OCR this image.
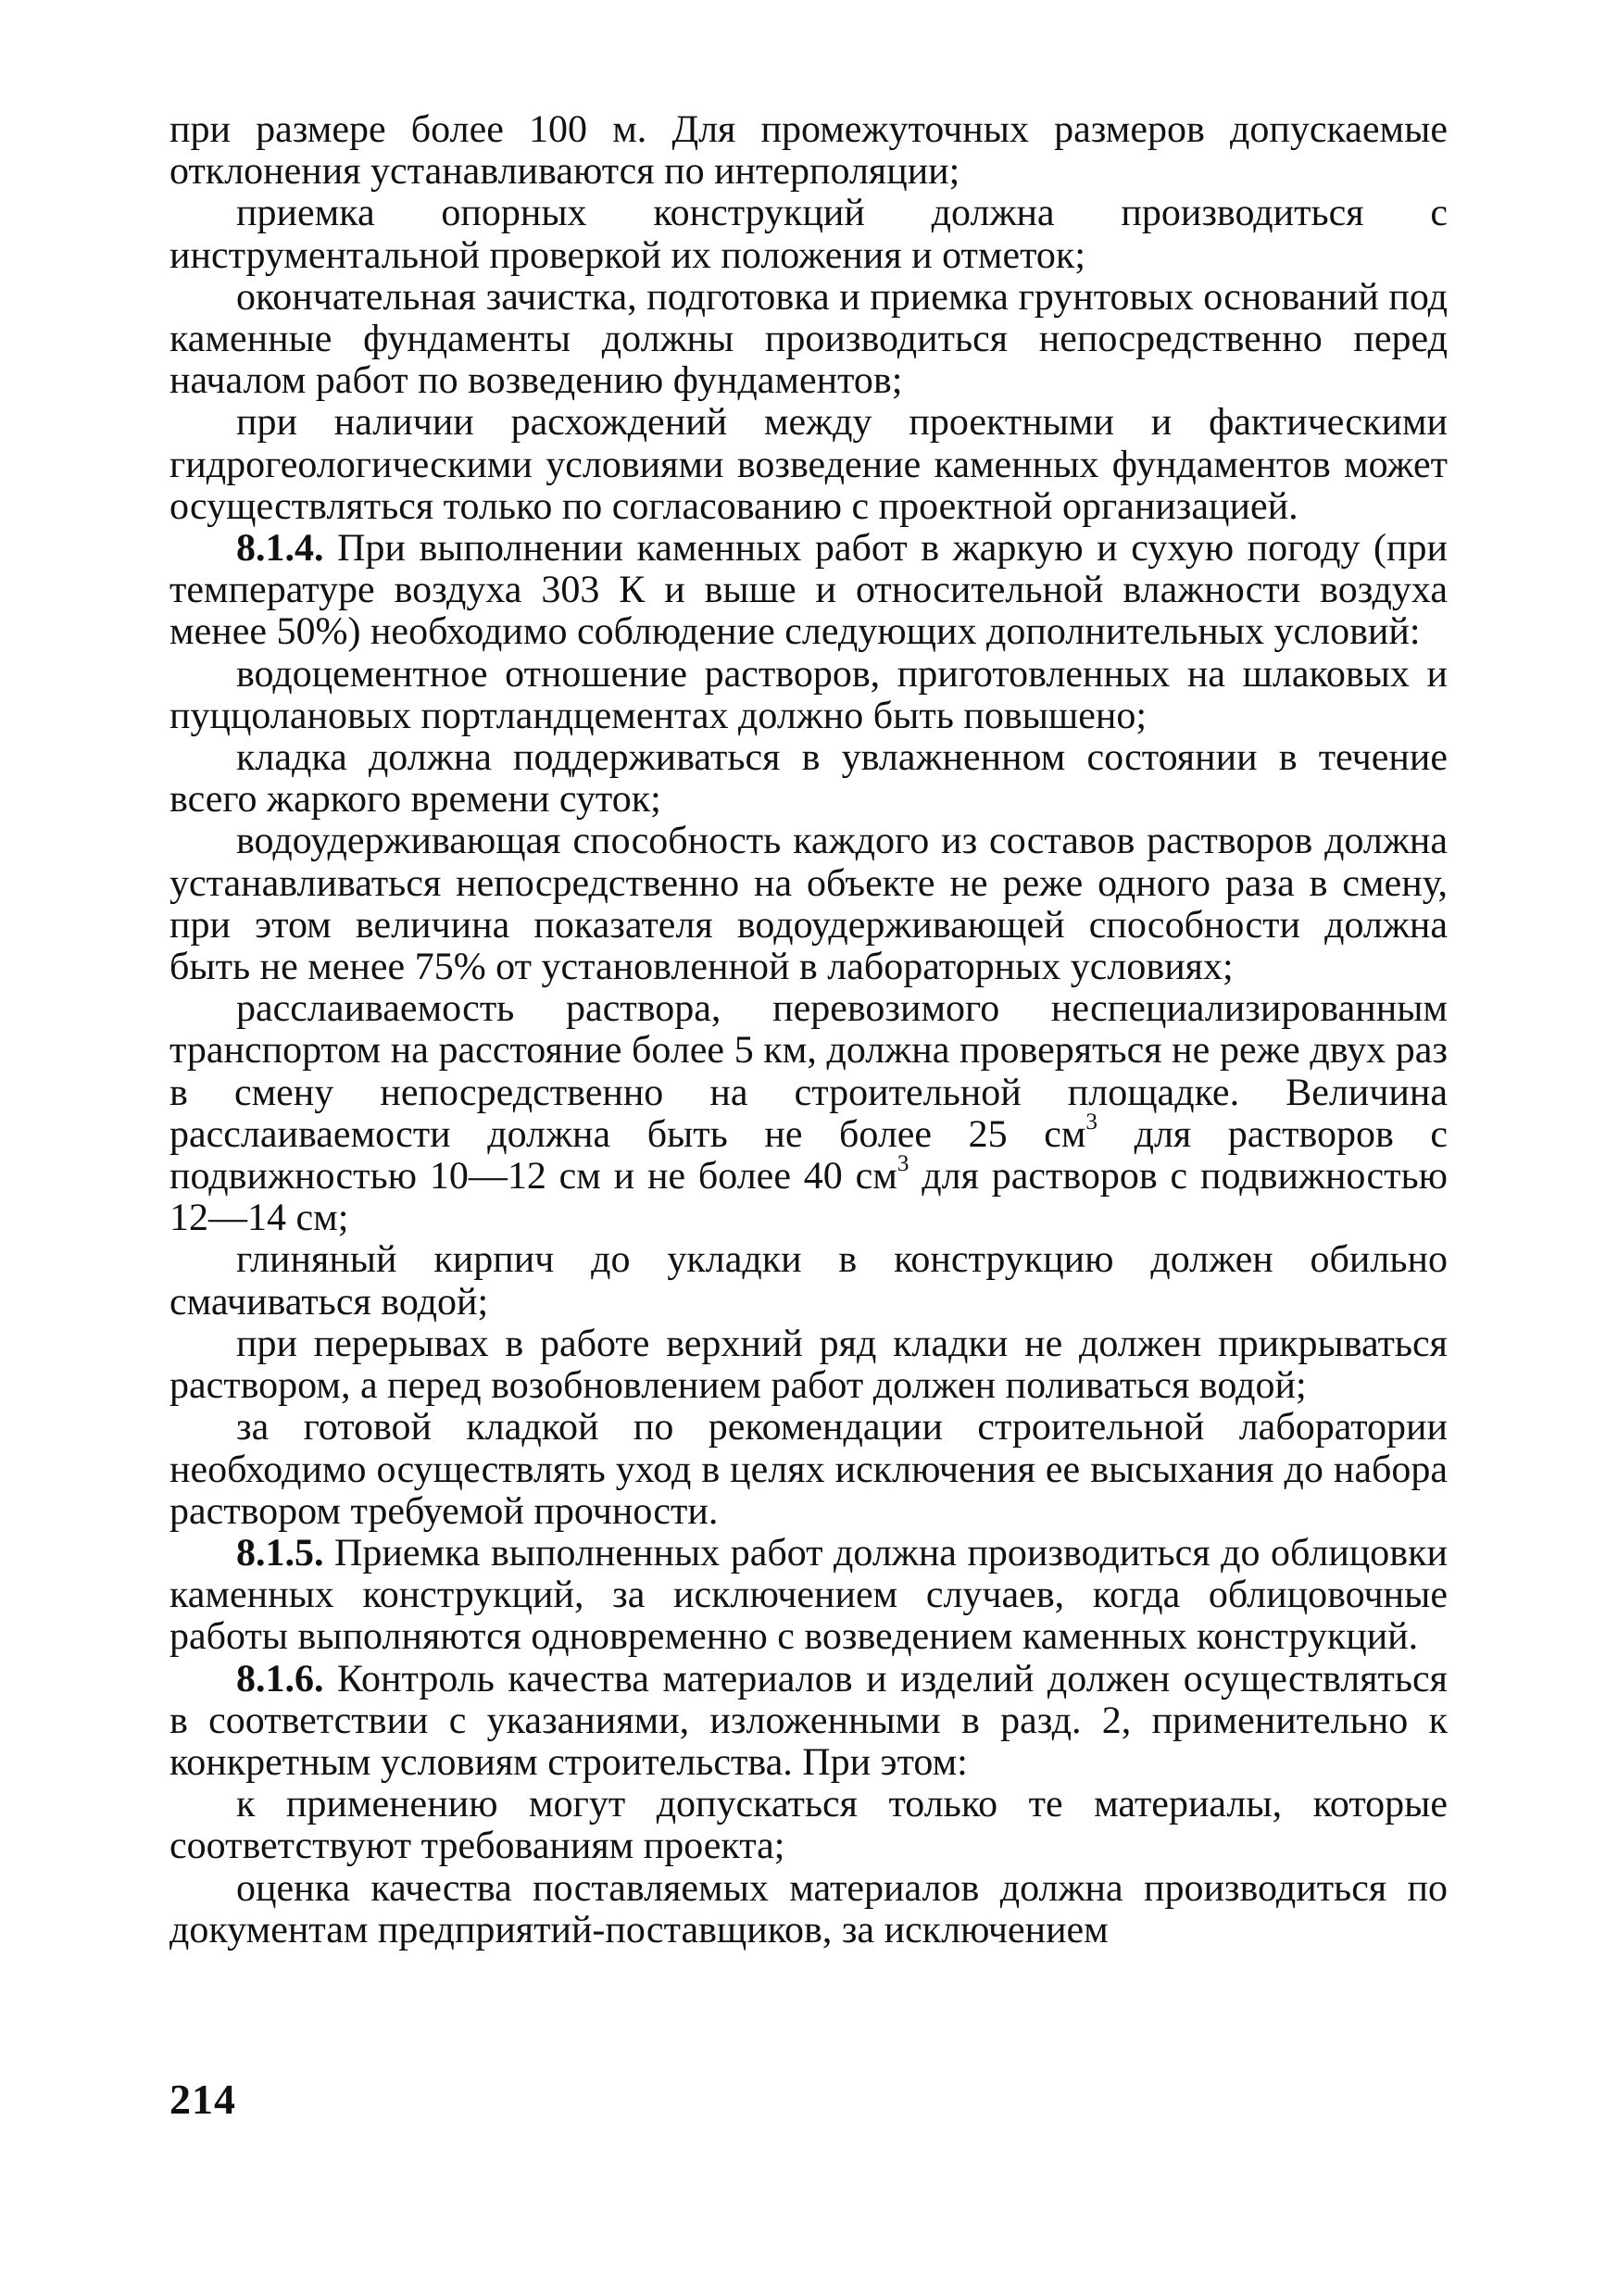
при размере более 100 м. Для промежуточных размеров допускаемые отклонения устанавливаются по интерполяции;

приемка опорных конструкций должна производиться с инструментальной проверкой их положения и отметок;

окончательная зачистка, подготовка и приемка грунтовых оснований под каменные фундаменты должны производиться непосредственно перед началом работ по возведению фундаментов;

при наличии расхождений между проектными и фактическими гидрогеологическими условиями возведение каменных фундаментов может осуществляться только по согласованию с проектной организацией.

8.1.4. При выполнении каменных работ в жаркую и сухую погоду (при температуре воздуха 303 К и выше и относительной влажности воздуха менее 50%) необходимо соблюдение следующих дополнительных условий:

водоцементное отношение растворов, приготовленных на шлаковых и пуццолановых портландцементах должно быть повышено;

кладка должна поддерживаться в увлажненном состоянии в течение всего жаркого времени суток;

водоудерживающая способность каждого из составов растворов должна устанавливаться непосредственно на объекте не реже одного раза в смену, при этом величина показателя водоудерживающей способности должна быть не менее 75% от установленной в лабораторных условиях;

расслаиваемость раствора, перевозимого неспециализированным транспортом на расстояние более 5 км, должна проверяться не реже двух раз в смену непосредственно на строительной площадке. Величина расслаиваемости должна быть не более 25 $см^3$ для растворов с подвижностью 10—12 см и не более 40 $см^3$ для растворов с подвижностью 12—14 см;

глиняный кирпич до укладки в конструкцию должен обильно смачиваться водой;

при перерывах в работе верхний ряд кладки не должен прикрываться раствором, а перед возобновлением работ должен поливаться водой;

за готовой кладкой по рекомендации строительной лаборатории необходимо осуществлять уход в целях исключения ее высыхания до набора раствором требуемой прочности.

8.1.5. Приемка выполненных работ должна производиться до облицовки каменных конструкций, за исключением случаев, когда облицовочные работы выполняются одновременно с возведением каменных конструкций.

8.1.6. Контроль качества материалов и изделий должен осуществляться в соответствии с указаниями, изложенными в разд. 2, применительно к конкретным условиям строительства. При этом:

к применению могут допускаться только те материалы, которые соответствуют требованиям проекта;

оценка качества поставляемых материалов должна производиться по документам предприятий-поставщиков, за исключением

214
